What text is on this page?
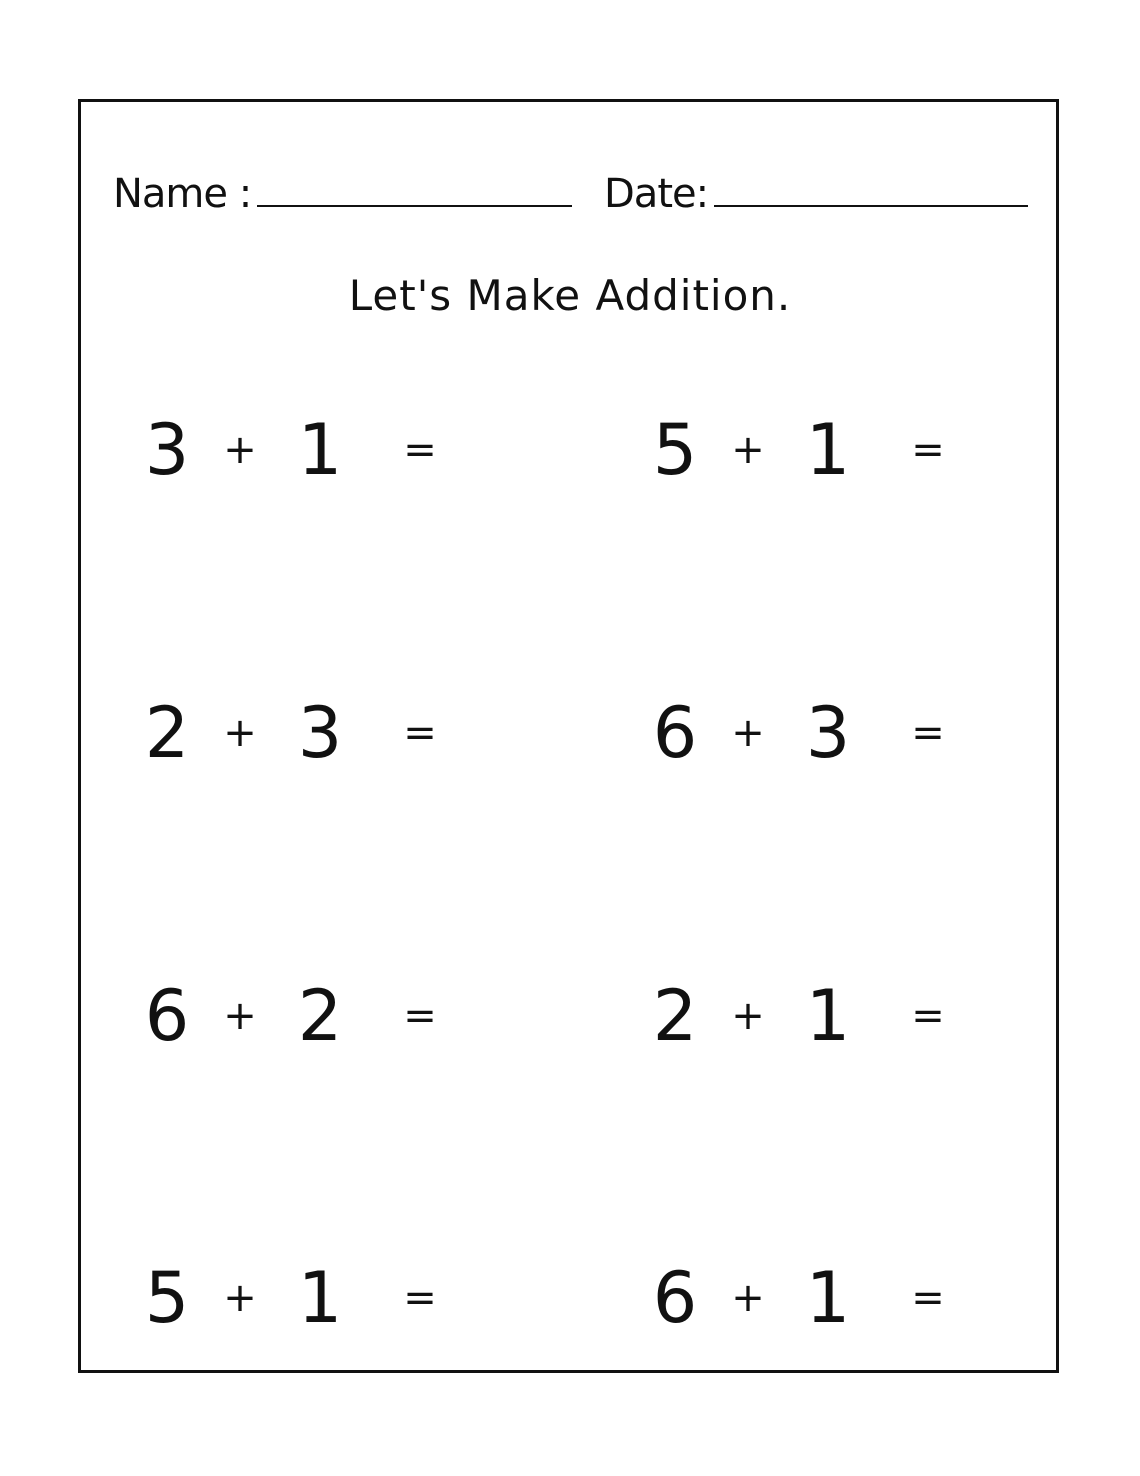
Name :	Date:
Let's Make Addition.
3 + 1 =	5 + 1 =
2 + 3 =	6 + 3 =
6 + 2 =	2 + 1 =
5 + 1 =	6 + 1 =
